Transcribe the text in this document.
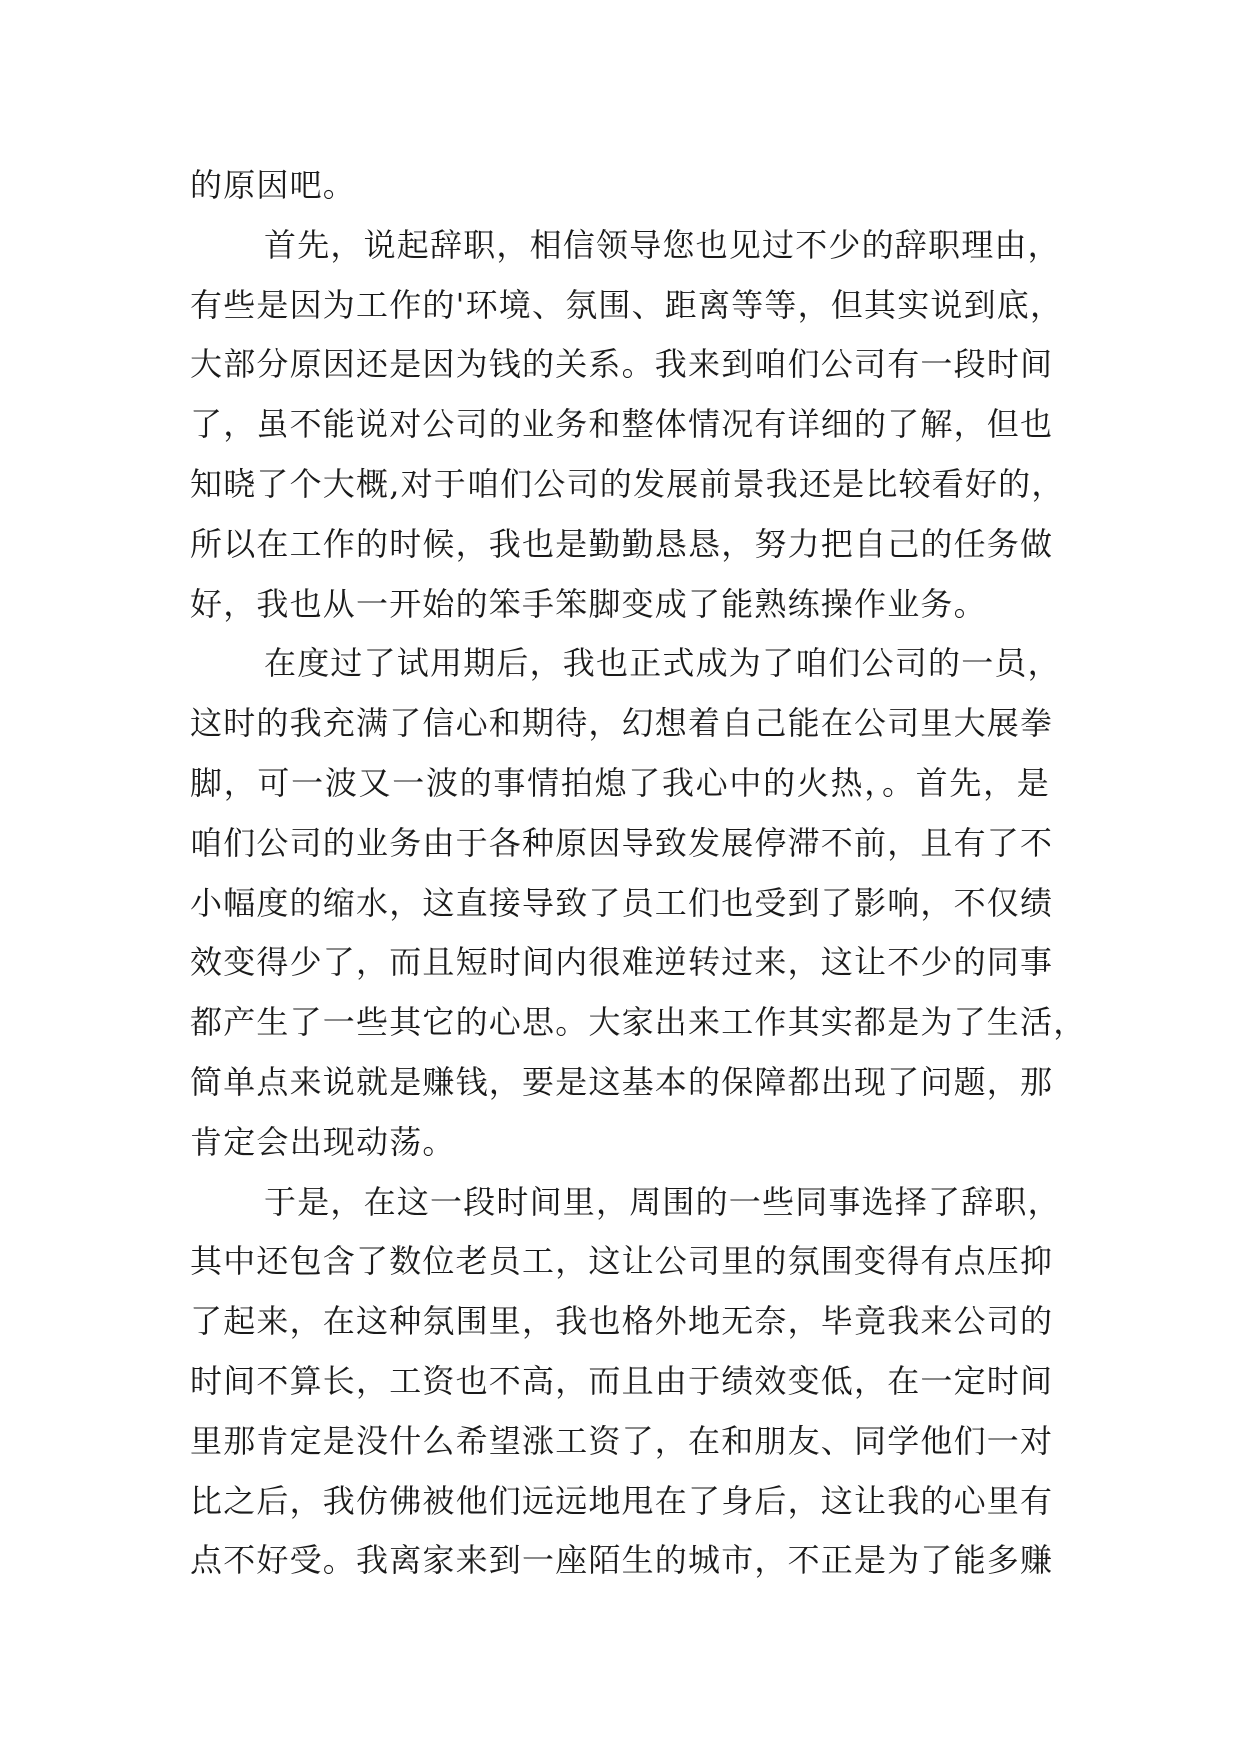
的原因吧。
首先，说起辞职，相信领导您也见过不少的辞职理由，
有些是因为工作的'环境、氛围、距离等等，但其实说到底，
大部分原因还是因为钱的关系。我来到咱们公司有一段时间
了，虽不能说对公司的业务和整体情况有详细的了解，但也
知晓了个大概,对于咱们公司的发展前景我还是比较看好的，
所以在工作的时候，我也是勤勤恳恳，努力把自己的任务做
好，我也从一开始的笨手笨脚变成了能熟练操作业务。
在度过了试用期后，我也正式成为了咱们公司的一员，
这时的我充满了信心和期待，幻想着自己能在公司里大展拳
脚，可一波又一波的事情拍熄了我心中的火热，。首先，是
咱们公司的业务由于各种原因导致发展停滞不前，且有了不
小幅度的缩水，这直接导致了员工们也受到了影响，不仅绩
效变得少了，而且短时间内很难逆转过来，这让不少的同事
都产生了一些其它的心思。大家出来工作其实都是为了生活，
简单点来说就是赚钱，要是这基本的保障都出现了问题，那
肯定会出现动荡。
于是，在这一段时间里，周围的一些同事选择了辞职，
其中还包含了数位老员工，这让公司里的氛围变得有点压抑
了起来，在这种氛围里，我也格外地无奈，毕竟我来公司的
时间不算长，工资也不高，而且由于绩效变低，在一定时间
里那肯定是没什么希望涨工资了，在和朋友、同学他们一对
比之后，我仿佛被他们远远地甩在了身后，这让我的心里有
点不好受。我离家来到一座陌生的城市，不正是为了能多赚
